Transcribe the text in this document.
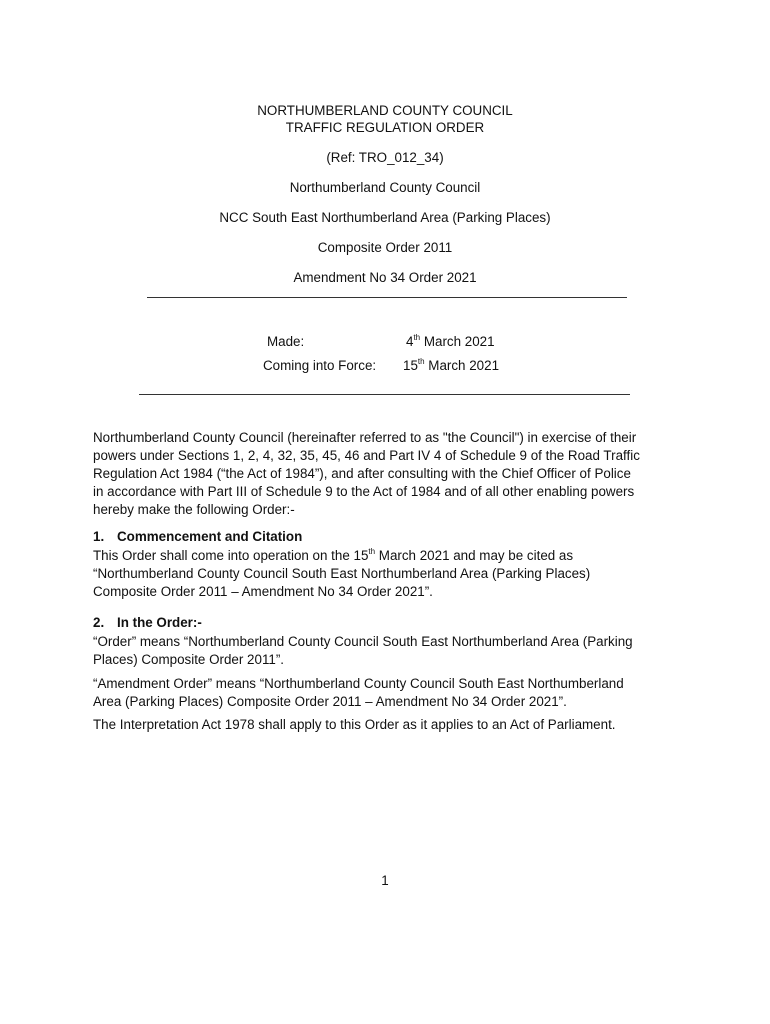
NORTHUMBERLAND COUNTY COUNCIL
TRAFFIC REGULATION ORDER
(Ref: TRO_012_34)
Northumberland County Council
NCC South East Northumberland Area (Parking Places)
Composite Order 2011
Amendment No 34 Order 2021
Made:	4th March 2021
Coming into Force: 15th March 2021
Northumberland County Council (hereinafter referred to as "the Council") in exercise of their
powers under Sections 1, 2, 4, 32, 35, 45, 46 and Part IV 4 of Schedule 9 of the Road Traffic
Regulation Act 1984 (“the Act of 1984”), and after consulting with the Chief Officer of Police
in accordance with Part III of Schedule 9 to the Act of 1984 and of all other enabling powers
hereby make the following Order:-
1. Commencement and Citation
This Order shall come into operation on the 15th March 2021 and may be cited as
“Northumberland County Council South East Northumberland Area (Parking Places)
Composite Order 2011 – Amendment No 34 Order 2021”.
2. In the Order:-
“Order” means “Northumberland County Council South East Northumberland Area (Parking
Places) Composite Order 2011”.
“Amendment Order” means “Northumberland County Council South East Northumberland
Area (Parking Places) Composite Order 2011 – Amendment No 34 Order 2021”.
The Interpretation Act 1978 shall apply to this Order as it applies to an Act of Parliament.
1
